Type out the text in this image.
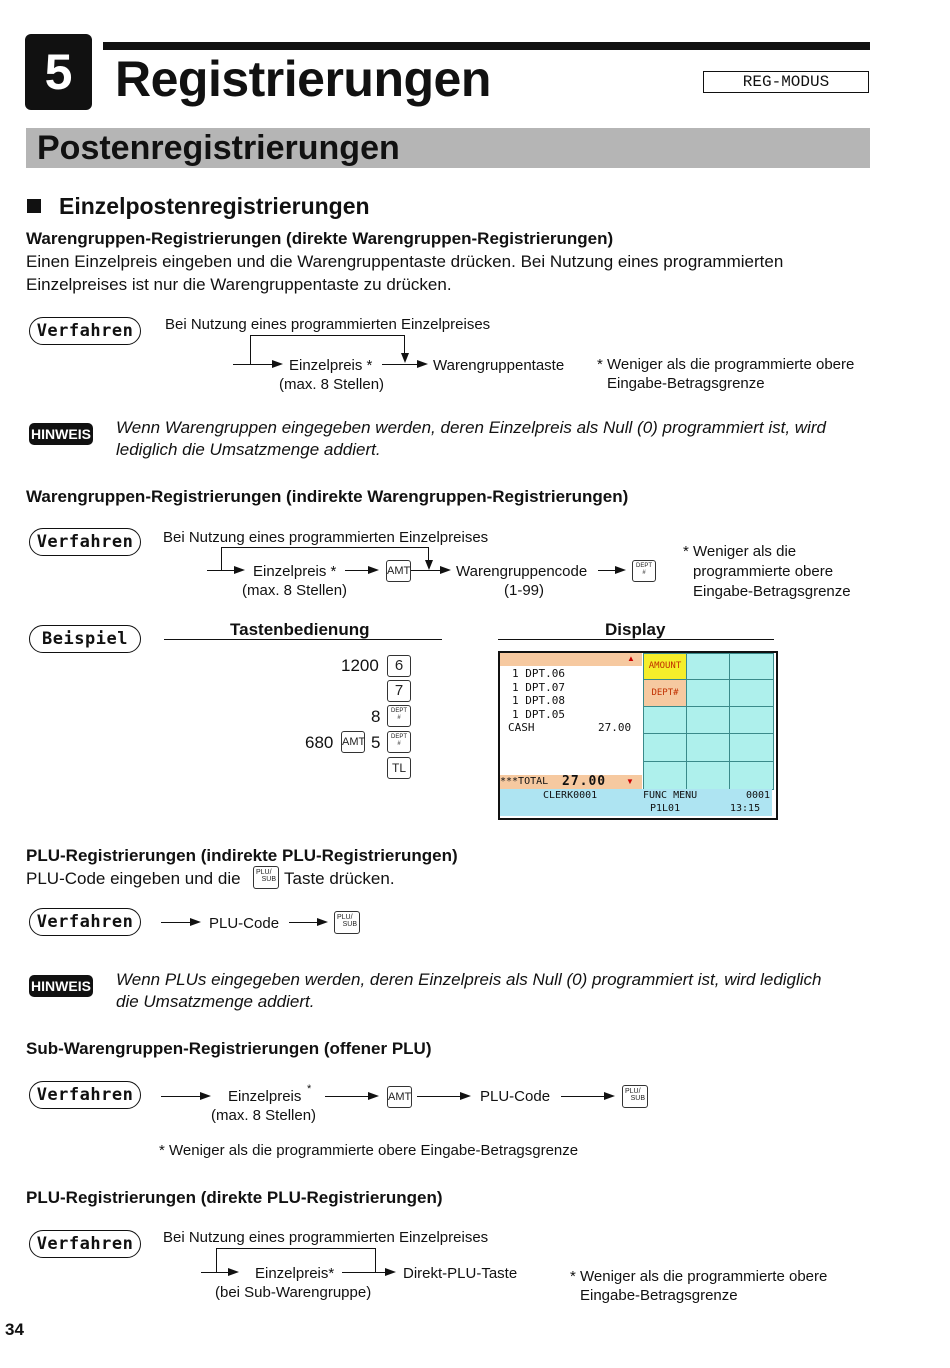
5 Registrierungen	REG-MODUS
Postenregistrierungen
Einzelpostenregistrierungen
Warengruppen-Registrierungen (direkte Warengruppen-Registrierungen)
Einen Einzelpreis eingeben und die Warengruppentaste drücken. Bei Nutzung eines programmierten
Einzelpreises ist nur die Warengruppentaste zu drücken.
Verfahren	Bei Nutzung eines programmierten Einzelpreises
Einzelpreis *
(max. 8 Stellen)
Warengruppentaste * Weniger als die programmierte obere
Eingabe-Betragsgrenze
HINWEIS Wenn Warengruppen eingegeben werden, deren Einzelpreis als Null (0) programmiert ist, wird
lediglich die Umsatzmenge addiert.
Warengruppen-Registrierungen (indirekte Warengruppen-Registrierungen)
Verfahren	Bei Nutzung eines programmierten Einzelpreises
Einzelpreis *
(max. 8 Stellen)
AMT	Warengruppencode
(1-99)
DEPT
#
* Weniger als die
programmierte obere
Eingabe-Betragsgrenze
Beispiel	Tastenbedienung	Display
1200	6
7
8	DEPT
#
680 AMT 5	DEPT
#
TL
▲
1 DPT.06
1 DPT.07
1 DPT.08
1 DPT.05
CASH	27.00
***TOTAL 27.00 ▼
AMOUNT
DEPT#
CLERK0001	FUNC MENU	0001
P1L01	13:15
PLU-Registrierungen (indirekte PLU-Registrierungen)
PLU-Code eingeben und die PLU/
SUB Taste drücken.
Verfahren	PLU-Code	PLU/
SUB
HINWEIS Wenn PLUs eingegeben werden, deren Einzelpreis als Null (0) programmiert ist, wird lediglich
die Umsatzmenge addiert.
Sub-Warengruppen-Registrierungen (offener PLU)
Verfahren	Einzelpreis *
(max. 8 Stellen)
AMT	PLU-Code	PLU/
SUB
* Weniger als die programmierte obere Eingabe-Betragsgrenze
PLU-Registrierungen (direkte PLU-Registrierungen)
Verfahren	Bei Nutzung eines programmierten Einzelpreises
Einzelpreis*
(bei Sub-Warengruppe)
Direkt-PLU-Taste	* Weniger als die programmierte obere
Eingabe-Betragsgrenze
34
